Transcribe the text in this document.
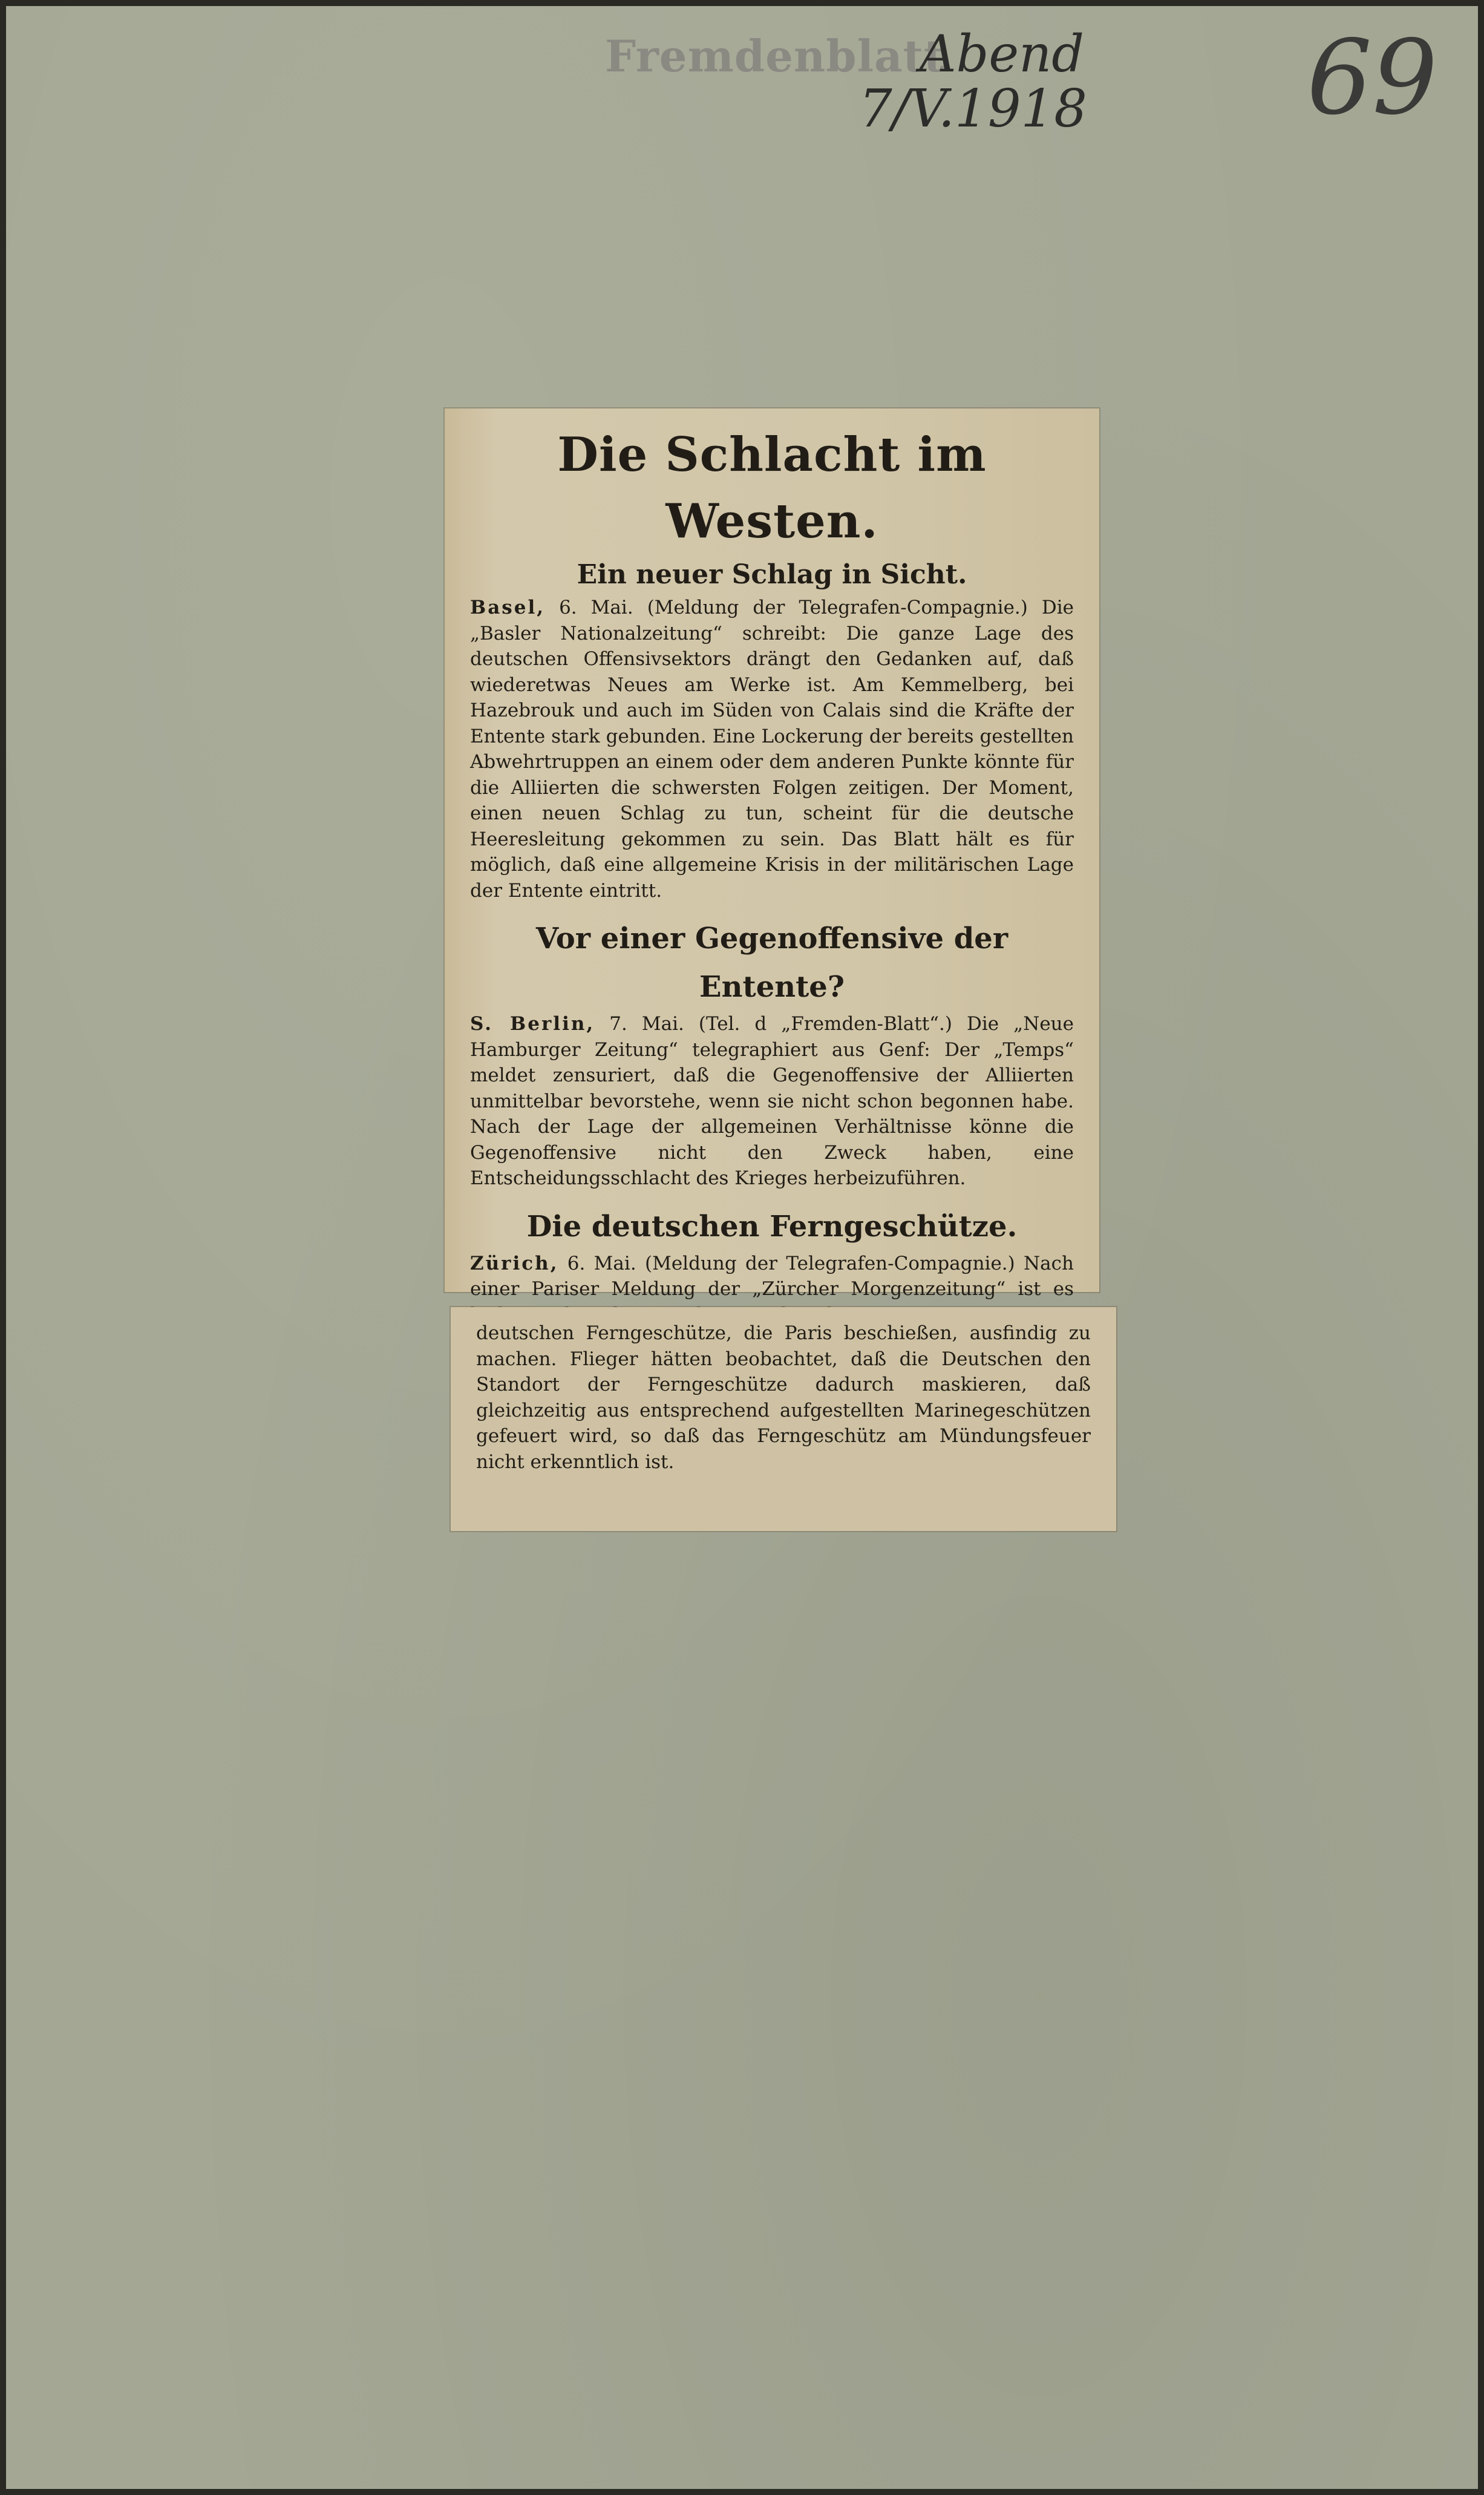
Fremdenblatt
Abend
7/V.1918 69
Die Schlacht im Westen.
Ein neuer Schlag in Sicht.

Basel, 6. Mai. (Meldung der Telegrafen-Compagnie.) Die „Basler Nationalzeitung“ schreibt: Die ganze Lage des deutschen Offensivsektors drängt den Gedanken auf, daß wiederetwas Neues am Werke ist. Am Kemmelberg, bei Hazebrouk und auch im Süden von Calais sind die Kräfte der Entente stark gebunden. Eine Lockerung der bereits gestellten Abwehrtruppen an einem oder dem anderen Punkte könnte für die Alliierten die schwersten Folgen zeitigen. Der Moment, einen neuen Schlag zu tun, scheint für die deutsche Heeresleitung gekommen zu sein. Das Blatt hält es für möglich, daß eine allgemeine Krisis in der militärischen Lage der Entente eintritt.

Vor einer Gegenoffensive der Entente?

S. Berlin, 7. Mai. (Tel. d „Fremden-Blatt“.) Die „Neue Hamburger Zeitung“ telegraphiert aus Genf: Der „Temps“ meldet zensuriert, daß die Gegenoffensive der Alliierten unmittelbar bevorstehe, wenn sie nicht schon begonnen habe. Nach der Lage der allgemeinen Verhältnisse könne die Gegenoffensive nicht den Zweck haben, eine Entscheidungsschlacht des Krieges herbeizuführen.

Die deutschen Ferngeschütze.

Zürich, 6. Mai. (Meldung der Telegrafen-Compagnie.) Nach einer Pariser Meldung der „Zürcher Morgenzeitung“ ist es

deutschen Ferngeschütze, die Paris beschießen, ausfindig zu machen. Flieger hätten beobachtet, daß die Deutschen den Standort der Ferngeschütze dadurch maskieren, daß gleichzeitig aus entsprechend aufgestellten Marinegeschützen gefeuert wird, so daß das Ferngeschütz am Mündungsfeuer nicht erkenntlich ist.
